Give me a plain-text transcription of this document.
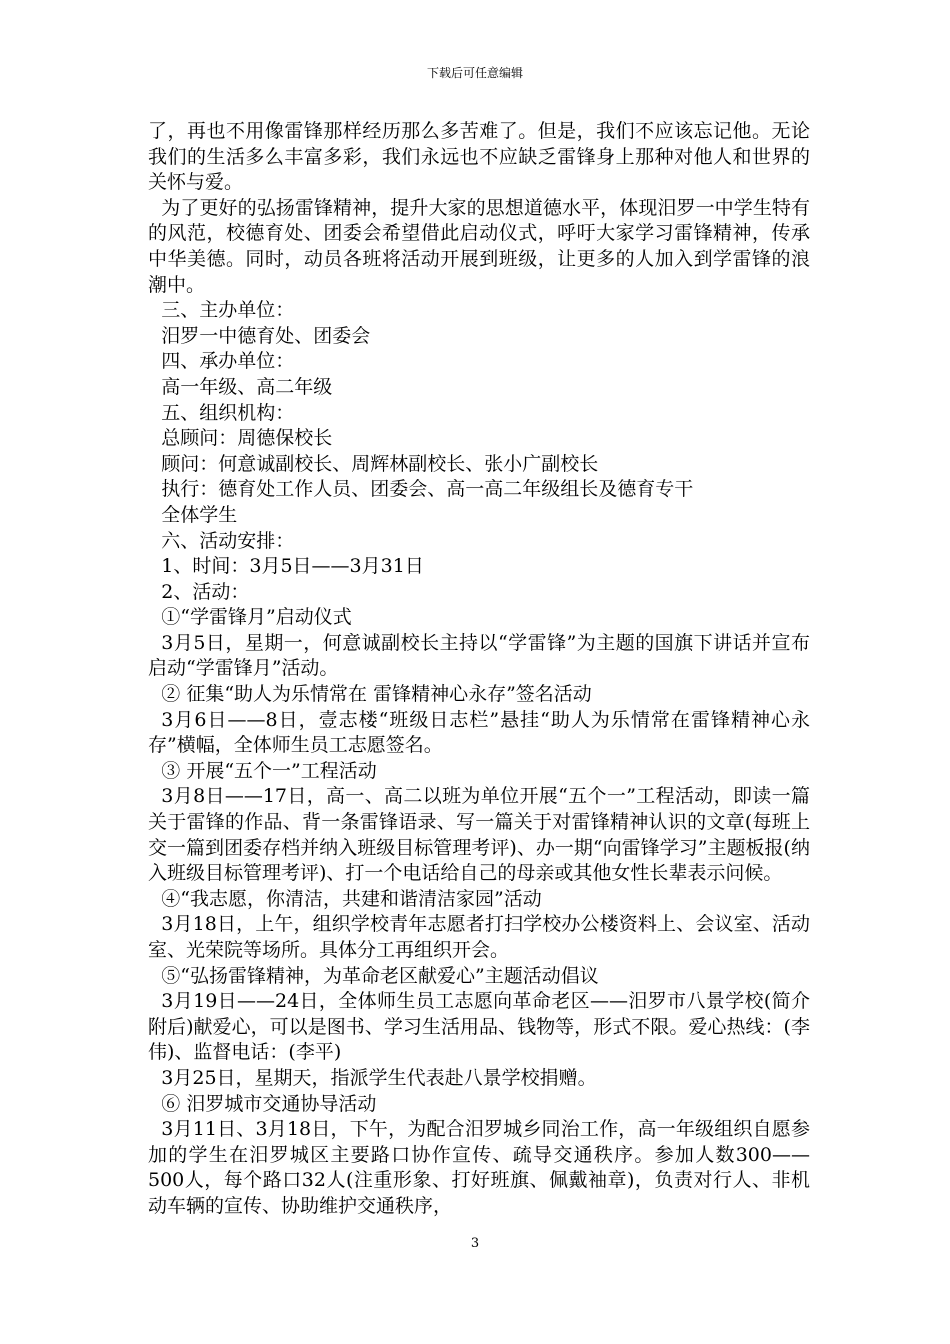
下载后可任意编辑

了，再也不用像雷锋那样经历那么多苦难了。但是，我们不应该忘记他。无论我们的生活多么丰富多彩，我们永远也不应缺乏雷锋身上那种对他人和世界的关怀与爱。

为了更好的弘扬雷锋精神，提升大家的思想道德水平，体现汨罗一中学生特有的风范，校德育处、团委会希望借此启动仪式，呼吁大家学习雷锋精神，传承中华美德。同时，动员各班将活动开展到班级，让更多的人加入到学雷锋的浪潮中。

三、主办单位：

汨罗一中德育处、团委会

四、承办单位：

高一年级、高二年级

五、组织机构：

总顾问：周德保校长

顾问：何意诚副校长、周辉林副校长、张小广副校长

执行：德育处工作人员、团委会、高一高二年级组长及德育专干

全体学生

六、活动安排：

1、时间：3月5日——3月31日

2、活动：

①“学雷锋月”启动仪式

3月5日，星期一，何意诚副校长主持以“学雷锋”为主题的国旗下讲话并宣布启动“学雷锋月”活动。

② 征集“助人为乐情常在 雷锋精神心永存”签名活动

3月6日——8日，壹志楼“班级日志栏”悬挂“助人为乐情常在雷锋精神心永存”横幅，全体师生员工志愿签名。

③ 开展“五个一”工程活动

3月8日——17日，高一、高二以班为单位开展“五个一”工程活动，即读一篇关于雷锋的作品、背一条雷锋语录、写一篇关于对雷锋精神认识的文章(每班上交一篇到团委存档并纳入班级目标管理考评)、办一期“向雷锋学习”主题板报(纳入班级目标管理考评)、打一个电话给自己的母亲或其他女性长辈表示问候。

④“我志愿，你清洁，共建和谐清洁家园”活动

3月18日，上午，组织学校青年志愿者打扫学校办公楼资料上、会议室、活动室、光荣院等场所。具体分工再组织开会。

⑤“弘扬雷锋精神，为革命老区献爱心”主题活动倡议

3月19日——24日，全体师生员工志愿向革命老区——汨罗市八景学校(简介附后)献爱心，可以是图书、学习生活用品、钱物等，形式不限。爱心热线：(李伟)、监督电话：(李平)

3月25日，星期天，指派学生代表赴八景学校捐赠。

⑥ 汨罗城市交通协导活动

3月11日、3月18日，下午，为配合汨罗城乡同治工作，高一年级组织自愿参加的学生在汨罗城区主要路口协作宣传、疏导交通秩序。参加人数300—— 500人，每个路口32人(注重形象、打好班旗、佩戴袖章)，负责对行人、非机动车辆的宣传、协助维护交通秩序，

3
